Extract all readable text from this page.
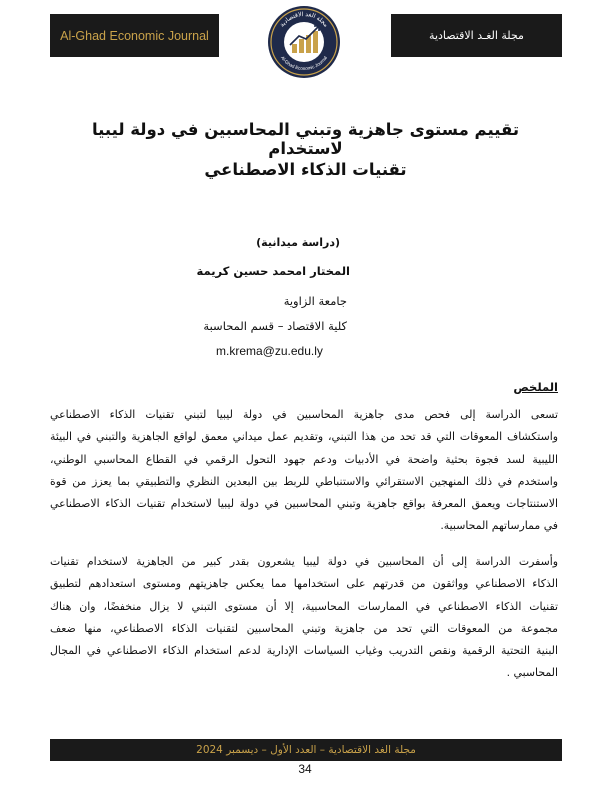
Al-Ghad Economic Journal
مجلة الغد الاقتصادية
Al-Ghad Economic Journal
مجلة الغـد الاقتصادية
تقييم مستوى جاهزية وتبني المحاسبين في دولة ليبيا لاستخدام
تقنيات الذكاء الاصطناعي
(دراسة ميدانية)
المختار امحمد حسين كريمة
جامعة الزاوية
كلية الاقتصاد – قسم المحاسبة
m.krema@zu.edu.ly
الملخص
تسعى الدراسة إلى فحص مدى جاهزية المحاسبين في دولة ليبيا لتبني تقنيات الذكاء الاصطناعي
واستكشاف المعوقات التي قد تحد من هذا التبني، وتقديم عمل ميداني معمق لواقع الجاهزية والتبني في البيئة
الليبية لسد فجوة بحثية واضحة في الأدبيات ودعم جهود التحول الرقمي في القطاع المحاسبي الوطني،
واستخدم في ذلك المنهجين الاستقرائي والاستنباطي للربط بين البعدين النظري والتطبيقي بما يعزز من قوة
الاستنتاجات ويعمق المعرفة بواقع جاهزية وتبني المحاسبين في دولة ليبيا لاستخدام تقنيات الذكاء الاصطناعي
في ممارساتهم المحاسبية.
وأسفرت الدراسة إلى أن المحاسبين في دولة ليبيا يشعرون بقدر كبير من الجاهزية لاستخدام تقنيات
الذكاء الاصطناعي وواثقون من قدرتهم على استخدامها مما يعكس جاهزيتهم ومستوى استعدادهم لتطبيق
تقنيات الذكاء الاصطناعي في الممارسات المحاسبية، إلا أن مستوى التبني لا يزال منخفضًا، وان هناك
مجموعة من المعوقات التي تحد من جاهزية وتبني المحاسبين لتقنيات الذكاء الاصطناعي، منها ضعف
البنية التحتية الرقمية ونقص التدريب وغياب السياسات الإدارية لدعم استخدام الذكاء الاصطناعي في المجال
المحاسبي .
مجلة الغد الاقتصادية – العدد الأول – ديسمبر 2024
34
